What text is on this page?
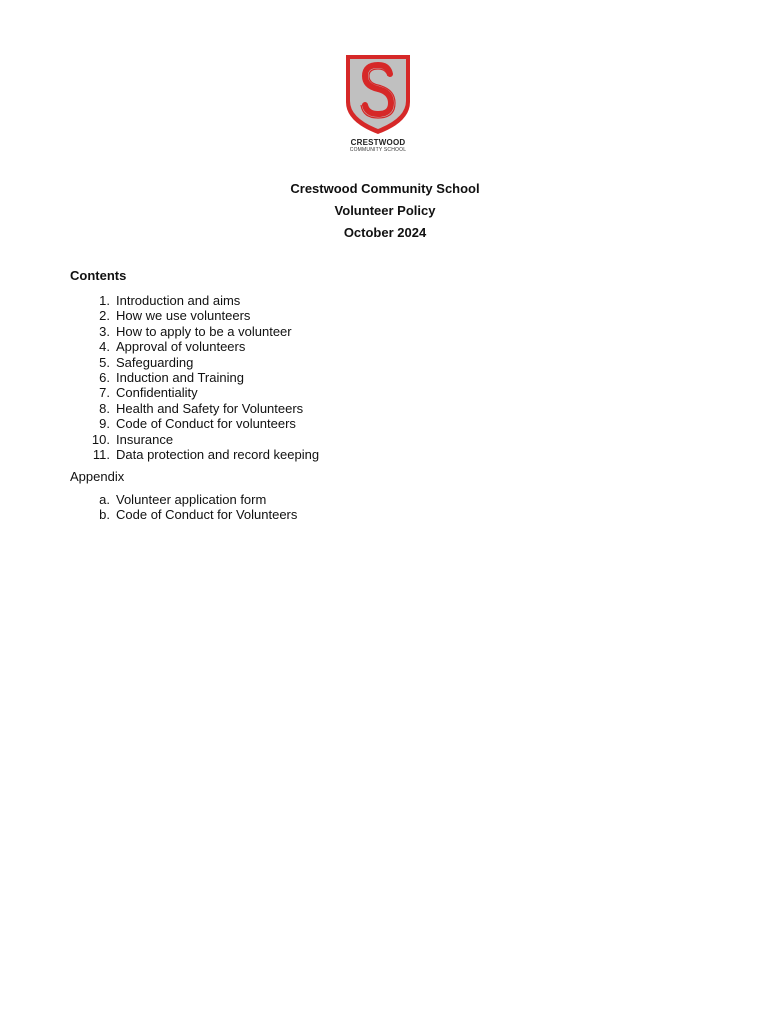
CRESTWOOD
COMMUNITY SCHOOL
Crestwood Community School
Volunteer Policy
October 2024
Contents
1. Introduction and aims
2. How we use volunteers
3. How to apply to be a volunteer
4. Approval of volunteers
5. Safeguarding
6. Induction and Training
7. Confidentiality
8. Health and Safety for Volunteers
9. Code of Conduct for volunteers
10. Insurance
11. Data protection and record keeping
Appendix
a. Volunteer application form
b. Code of Conduct for Volunteers
